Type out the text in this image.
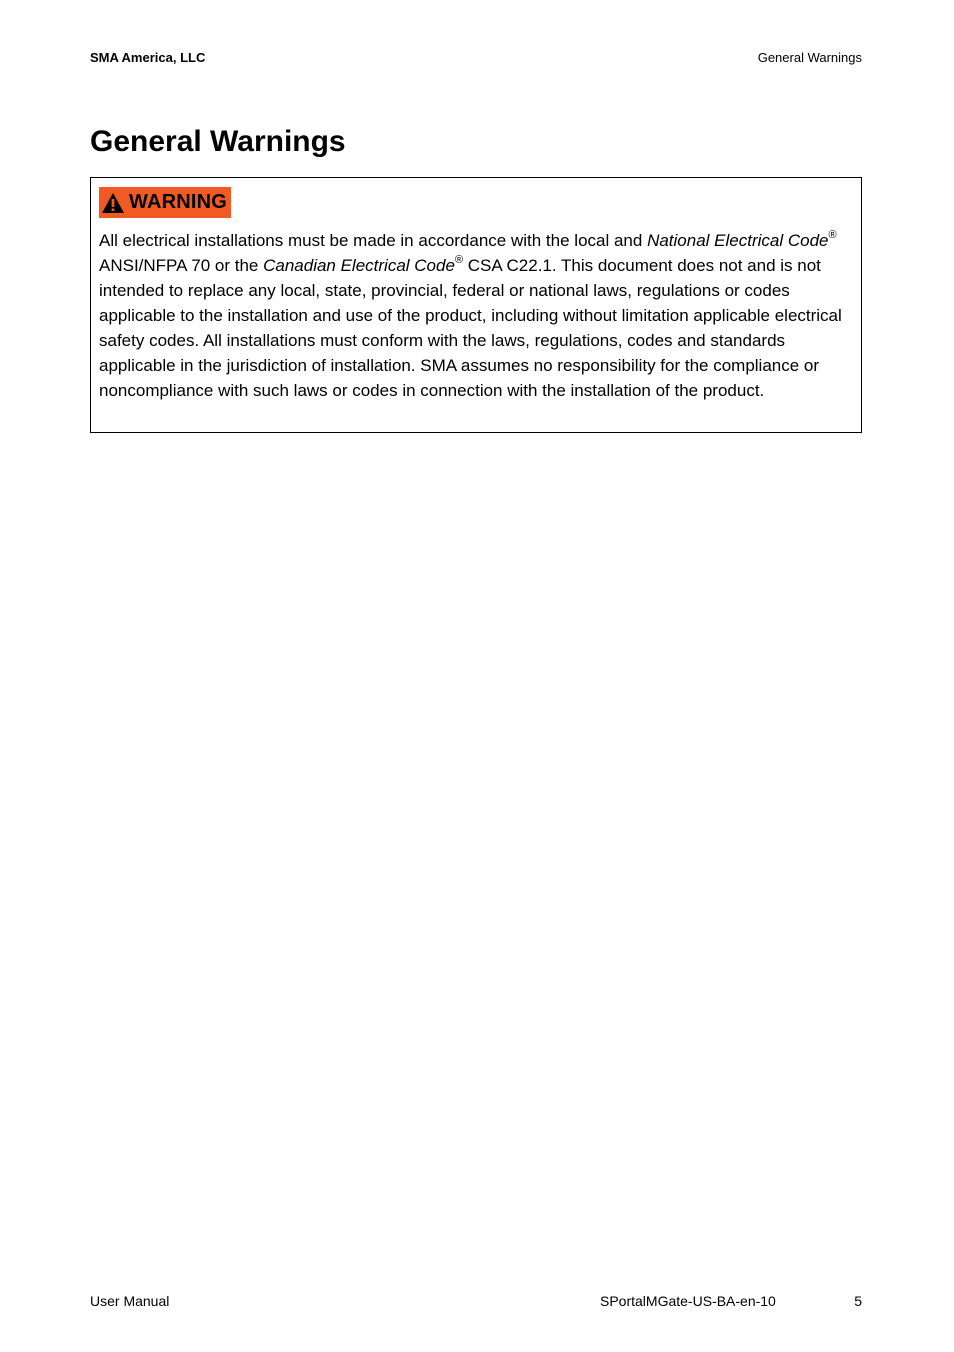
SMA America, LLC	General Warnings
General Warnings
WARNING

All electrical installations must be made in accordance with the local and National Electrical Code® ANSI/NFPA 70 or the Canadian Electrical Code® CSA C22.1. This document does not and is not intended to replace any local, state, provincial, federal or national laws, regulations or codes applicable to the installation and use of the product, including without limitation applicable electrical safety codes. All installations must conform with the laws, regulations, codes and standards applicable in the jurisdiction of installation. SMA assumes no responsibility for the compliance or noncompliance with such laws or codes in connection with the installation of the product.

User Manual	SPortalMGate-US-BA-en-10	5
